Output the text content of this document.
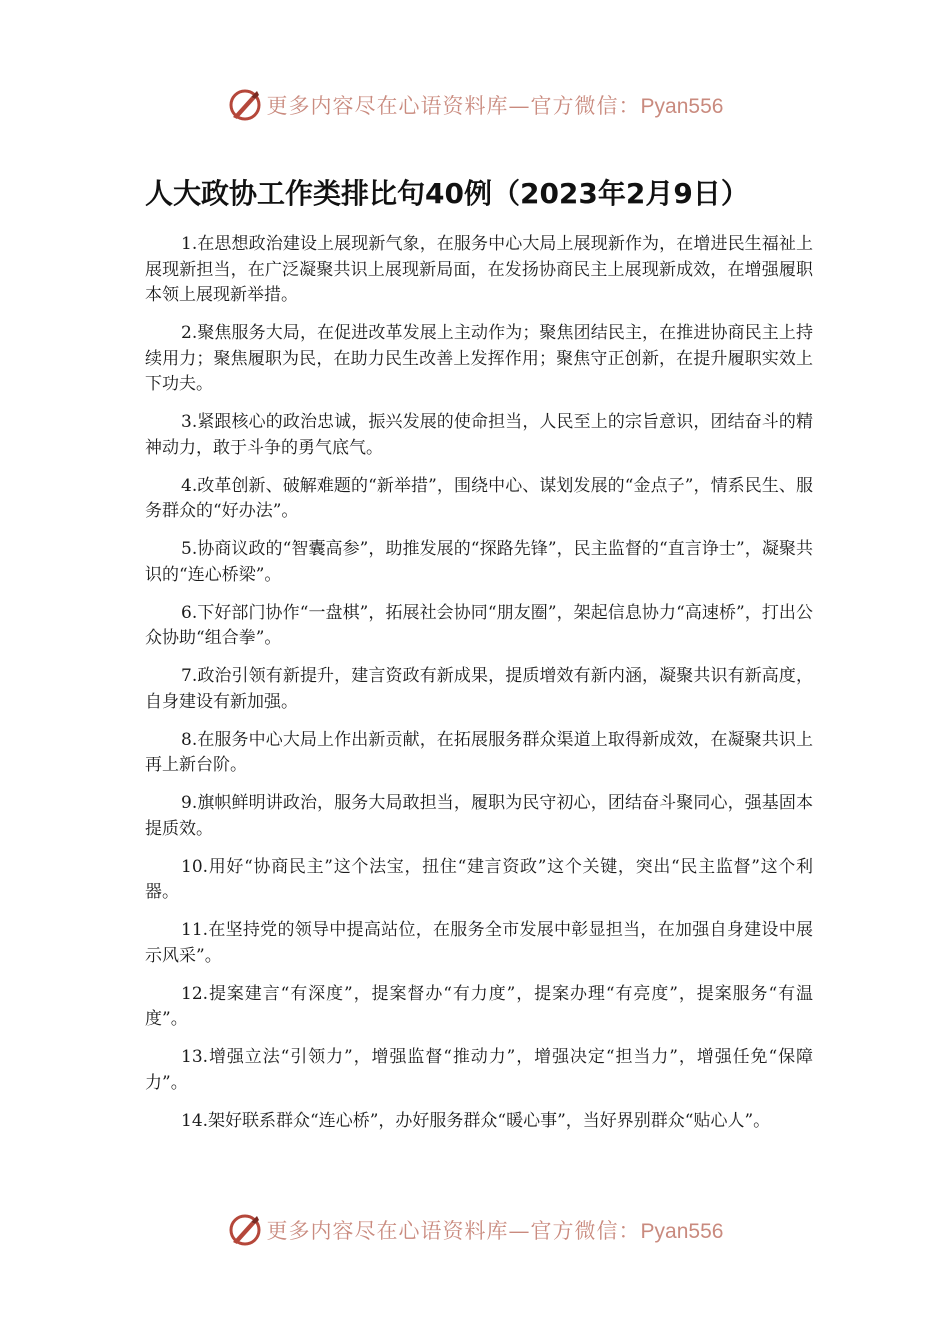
更多内容尽在心语资料库—官方微信：Pyan556
人大政协工作类排比句40例（2023年2月9日）

1.在思想政治建设上展现新气象，在服务中心大局上展现新作为，在增进民生福祉上展现新担当，在广泛凝聚共识上展现新局面，在发扬协商民主上展现新成效，在增强履职本领上展现新举措。

2.聚焦服务大局，在促进改革发展上主动作为；聚焦团结民主，在推进协商民主上持续用力；聚焦履职为民，在助力民生改善上发挥作用；聚焦守正创新，在提升履职实效上下功夫。

3.紧跟核心的政治忠诚，振兴发展的使命担当，人民至上的宗旨意识，团结奋斗的精神动力，敢于斗争的勇气底气。

4.改革创新、破解难题的“新举措”，围绕中心、谋划发展的“金点子”，情系民生、服务群众的“好办法”。

5.协商议政的“智囊高参”，助推发展的“探路先锋”，民主监督的“直言诤士”，凝聚共识的“连心桥梁”。

6.下好部门协作“一盘棋”，拓展社会协同“朋友圈”，架起信息协力“高速桥”，打出公众协助“组合拳”。

7.政治引领有新提升，建言资政有新成果，提质增效有新内涵，凝聚共识有新高度，自身建设有新加强。

8.在服务中心大局上作出新贡献，在拓展服务群众渠道上取得新成效，在凝聚共识上再上新台阶。

9.旗帜鲜明讲政治，服务大局敢担当，履职为民守初心，团结奋斗聚同心，强基固本提质效。

10.用好“协商民主”这个法宝，扭住“建言资政”这个关键，突出“民主监督”这个利器。

11.在坚持党的领导中提高站位，在服务全市发展中彰显担当，在加强自身建设中展示风采”。

12.提案建言“有深度”，提案督办“有力度”，提案办理“有亮度”，提案服务“有温度”。

13.增强立法“引领力”，增强监督“推动力”，增强决定“担当力”，增强任免“保障力”。

14.架好联系群众“连心桥”，办好服务群众“暖心事”，当好界别群众“贴心人”。

更多内容尽在心语资料库—官方微信：Pyan556
